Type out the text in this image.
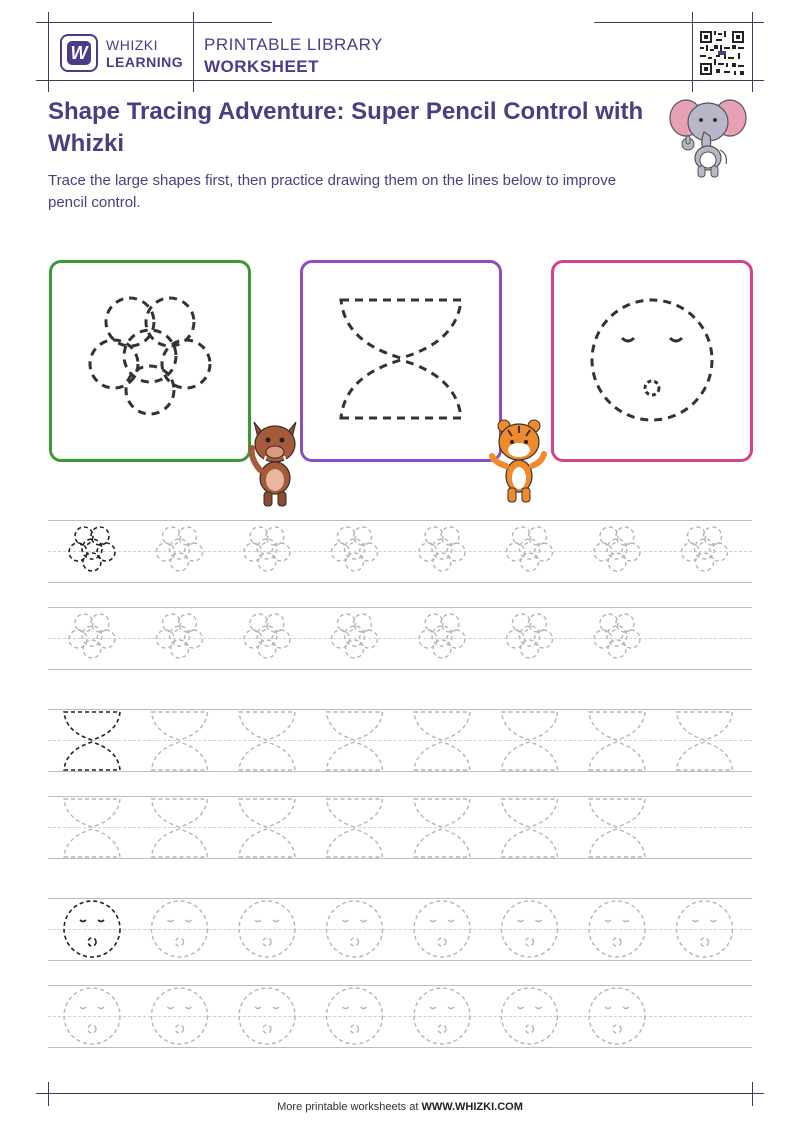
W WHIZKI
LEARNING
PRINTABLE LIBRARY
WORKSHEET
Shape Tracing Adventure: Super Pencil Control with Whizki
Trace the large shapes first, then practice drawing them on the lines below to improve pencil control.
More printable worksheets at WWW.WHIZKI.COM
